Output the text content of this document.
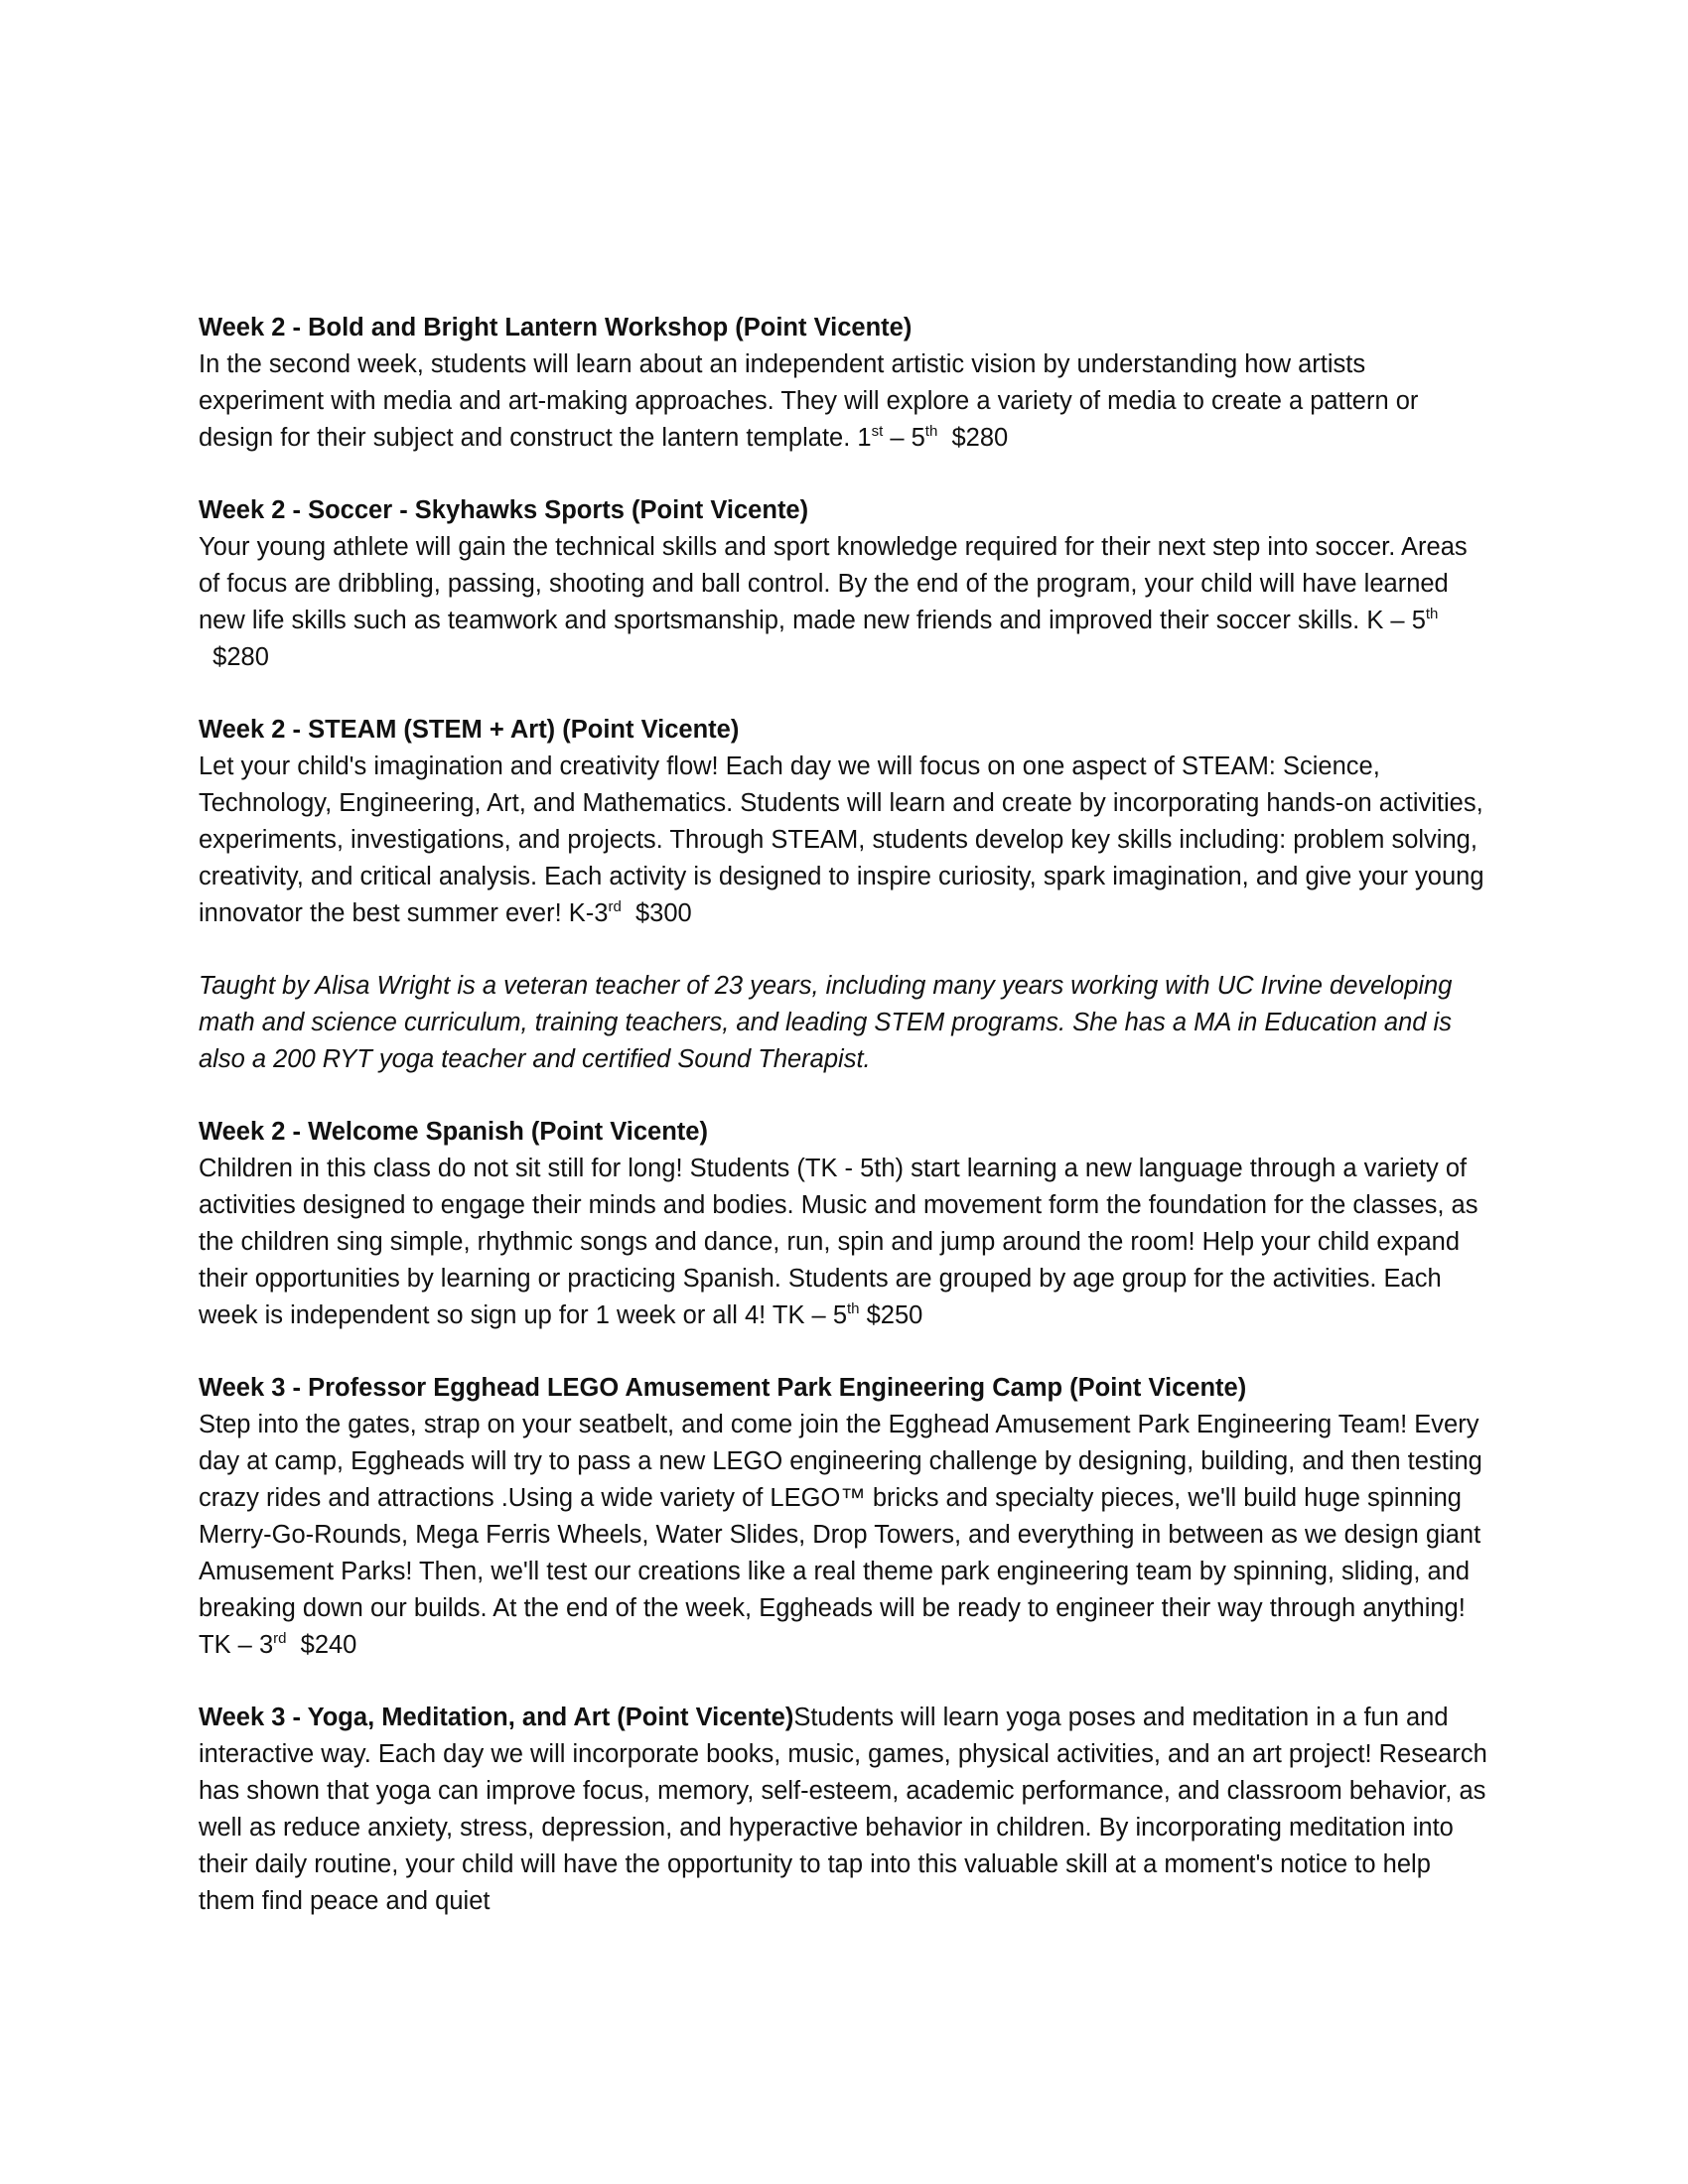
Week 2 - Bold and Bright Lantern Workshop (Point Vicente)

In the second week, students will learn about an independent artistic vision by understanding how artists experiment with media and art-making approaches. They will explore a variety of media to create a pattern or design for their subject and construct the lantern template. 1st – 5th  $280

Week 2 - Soccer - Skyhawks Sports (Point Vicente)

Your young athlete will gain the technical skills and sport knowledge required for their next step into soccer. Areas of focus are dribbling, passing, shooting and ball control. By the end of the program, your child will have learned new life skills such as teamwork and sportsmanship, made new friends and improved their soccer skills. K – 5th  $280

Week 2 - STEAM (STEM + Art) (Point Vicente)

Let your child's imagination and creativity flow! Each day we will focus on one aspect of STEAM: Science, Technology, Engineering, Art, and Mathematics. Students will learn and create by incorporating hands-on activities, experiments, investigations, and projects. Through STEAM, students develop key skills including: problem solving, creativity, and critical analysis. Each activity is designed to inspire curiosity, spark imagination, and give your young innovator the best summer ever! K-3rd  $300

Taught by Alisa Wright is a veteran teacher of 23 years, including many years working with UC Irvine developing math and science curriculum, training teachers, and leading STEM programs. She has a MA in Education and is also a 200 RYT yoga teacher and certified Sound Therapist.

Week 2 - Welcome Spanish (Point Vicente)

Children in this class do not sit still for long! Students (TK - 5th) start learning a new language through a variety of activities designed to engage their minds and bodies. Music and movement form the foundation for the classes, as the children sing simple, rhythmic songs and dance, run, spin and jump around the room! Help your child expand their opportunities by learning or practicing Spanish. Students are grouped by age group for the activities. Each week is independent so sign up for 1 week or all 4! TK – 5th $250

Week 3 - Professor Egghead LEGO Amusement Park Engineering Camp (Point Vicente)

Step into the gates, strap on your seatbelt, and come join the Egghead Amusement Park Engineering Team! Every day at camp, Eggheads will try to pass a new LEGO engineering challenge by designing, building, and then testing crazy rides and attractions .Using a wide variety of LEGO™ bricks and specialty pieces, we'll build huge spinning Merry-Go-Rounds, Mega Ferris Wheels, Water Slides, Drop Towers, and everything in between as we design giant Amusement Parks! Then, we'll test our creations like a real theme park engineering team by spinning, sliding, and breaking down our builds. At the end of the week, Eggheads will be ready to engineer their way through anything! TK – 3rd  $240

Week 3 - Yoga, Meditation, and Art (Point Vicente)Students will learn yoga poses and meditation in a fun and interactive way. Each day we will incorporate books, music, games, physical activities, and an art project! Research has shown that yoga can improve focus, memory, self-esteem, academic performance, and classroom behavior, as well as reduce anxiety, stress, depression, and hyperactive behavior in children. By incorporating meditation into their daily routine, your child will have the opportunity to tap into this valuable skill at a moment's notice to help them find peace and quiet
